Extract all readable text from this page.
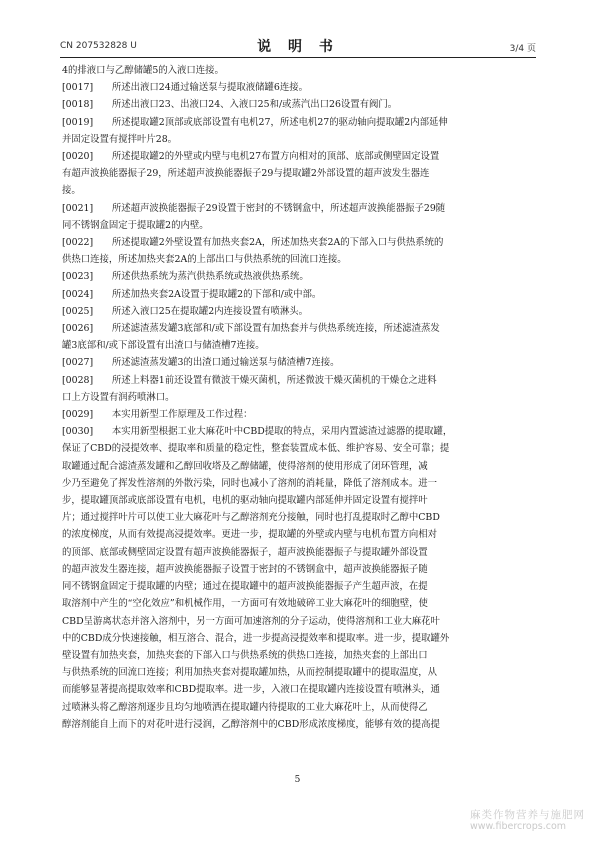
CN 207532828 U	说 明 书	3/4 页
4的排液口与乙醇储罐5的入液口连接。
[0017]　　所述出液口24通过输送泵与提取液储罐6连接。
[0018]　　所述出液口23、出液口24、入液口25和/或蒸汽出口26设置有阀门。
[0019]　　所述提取罐2顶部或底部设置有电机27，所述电机27的驱动轴向提取罐2内部延伸
并固定设置有搅拌叶片28。
[0020]　　所述提取罐2的外壁或内壁与电机27布置方向相对的顶部、底部或侧壁固定设置
有超声波换能器振子29，所述超声波换能器振子29与提取罐2外部设置的超声波发生器连
接。
[0021]　　所述超声波换能器振子29设置于密封的不锈钢盒中，所述超声波换能器振子29随
同不锈钢盒固定于提取罐2的内壁。
[0022]　　所述提取罐2外壁设置有加热夹套2A，所述加热夹套2A的下部入口与供热系统的
供热口连接，所述加热夹套2A的上部出口与供热系统的回流口连接。
[0023]　　所述供热系统为蒸汽供热系统或热液供热系统。
[0024]　　所述加热夹套2A设置于提取罐2的下部和/或中部。
[0025]　　所述入液口25在提取罐2内连接设置有喷淋头。
[0026]　　所述滤渣蒸发罐3底部和/或下部设置有加热套并与供热系统连接，所述滤渣蒸发
罐3底部和/或下部设置有出渣口与储渣槽7连接。
[0027]　　所述滤渣蒸发罐3的出渣口通过输送泵与储渣槽7连接。
[0028]　　所述上料器1前还设置有微波干燥灭菌机，所述微波干燥灭菌机的干燥仓之进料
口上方设置有润药喷淋口。
[0029]　　本实用新型工作原理及工作过程：
[0030]　　本实用新型根据工业大麻花叶中CBD提取的特点，采用内置滤渣过滤器的提取罐，
保证了CBD的浸提效率、提取率和质量的稳定性，整套装置成本低、维护容易、安全可靠；提
取罐通过配合滤渣蒸发罐和乙醇回收塔及乙醇储罐，使得溶剂的使用形成了闭环管理，减
少乃至避免了挥发性溶剂的外散污染，同时也减小了溶剂的消耗量，降低了溶剂成本。进一
步，提取罐顶部或底部设置有电机，电机的驱动轴向提取罐内部延伸并固定设置有搅拌叶
片；通过搅拌叶片可以使工业大麻花叶与乙醇溶剂充分接触，同时也打乱提取时乙醇中CBD
的浓度梯度，从而有效提高浸提效率。更进一步，提取罐的外壁或内壁与电机布置方向相对
的顶部、底部或侧壁固定设置有超声波换能器振子，超声波换能器振子与提取罐外部设置
的超声波发生器连接，超声波换能器振子设置于密封的不锈钢盒中，超声波换能器振子随
同不锈钢盒固定于提取罐的内壁；通过在提取罐中的超声波换能器振子产生超声波，在提
取溶剂中产生的“空化效应”和机械作用，一方面可有效地破碎工业大麻花叶的细胞壁，使
CBD呈游离状态并溶入溶剂中，另一方面可加速溶剂的分子运动，使得溶剂和工业大麻花叶
中的CBD成分快速接触，相互溶合、混合，进一步提高浸提效率和提取率。进一步，提取罐外
壁设置有加热夹套，加热夹套的下部入口与供热系统的供热口连接，加热夹套的上部出口
与供热系统的回流口连接；利用加热夹套对提取罐加热，从而控制提取罐中的提取温度，从
而能够显著提高提取效率和CBD提取率。进一步，入液口在提取罐内连接设置有喷淋头，通
过喷淋头将乙醇溶剂逐步且均匀地喷洒在提取罐内待提取的工业大麻花叶上，从而使得乙
醇溶剂能自上而下的对花叶进行浸润，乙醇溶剂中的CBD形成浓度梯度，能够有效的提高提
5
麻类作物营养与施肥网
www.fibercrops.com
